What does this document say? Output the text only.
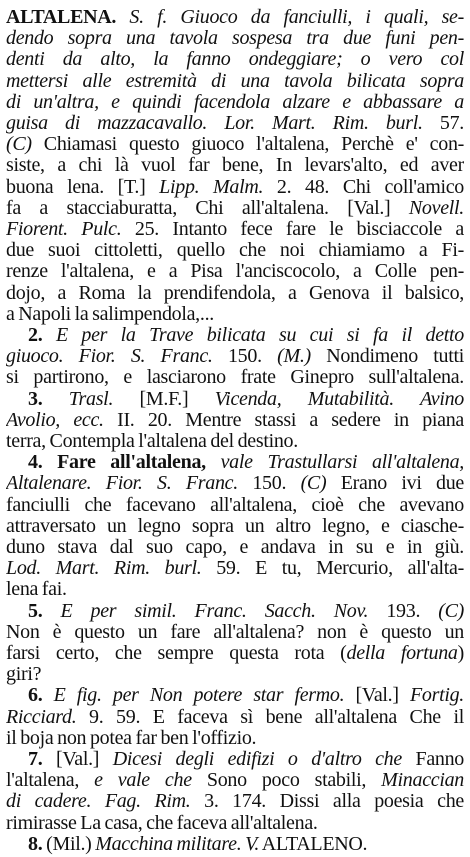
ALTALENA. S. f. Giuoco da fanciulli, i quali, se-
dendo sopra una tavola sospesa tra due funi pen-
denti da alto, la fanno ondeggiare; o vero col
mettersi alle estremità di una tavola bilicata sopra
di un'altra, e quindi facendola alzare e abbassare a
guisa di mazzacavallo. Lor. Mart. Rim. burl. 57.
(C) Chiamasi questo giuoco l'altalena, Perchè e' con-
siste, a chi là vuol far bene, In levars'alto, ed aver
buona lena. [T.] Lipp. Malm. 2. 48. Chi coll'amico
fa a stacciaburatta, Chi all'altalena. [Val.] Novell.
Fiorent. Pulc. 25. Intanto fece fare le bisciaccole a
due suoi cittoletti, quello che noi chiamiamo a Fi-
renze l'altalena, e a Pisa l'anciscocolo, a Colle pen-
dojo, a Roma la prendifendola, a Genova il balsico,
a Napoli la salimpendola,...
2. E per la Trave bilicata su cui si fa il detto
giuoco. Fior. S. Franc. 150. (M.) Nondimeno tutti
si partirono, e lasciarono frate Ginepro sull'altalena.
3. Trasl. [M.F.] Vicenda, Mutabilità. Avino
Avolio, ecc. II. 20. Mentre stassi a sedere in piana
terra, Contempla l'altalena del destino.
4. Fare all'altalena, vale Trastullarsi all'altalena,
Altalenare. Fior. S. Franc. 150. (C) Erano ivi due
fanciulli che facevano all'altalena, cioè che avevano
attraversato un legno sopra un altro legno, e ciasche-
duno stava dal suo capo, e andava in su e in giù.
Lod. Mart. Rim. burl. 59. E tu, Mercurio, all'alta-
lena fai.
5. E per simil. Franc. Sacch. Nov. 193. (C)
Non è questo un fare all'altalena? non è questo un
farsi certo, che sempre questa rota (della fortuna)
giri?
6. E fig. per Non potere star fermo. [Val.] Fortig.
Ricciard. 9. 59. E faceva sì bene all'altalena Che il
il boja non potea far ben l'offizio.
7. [Val.] Dicesi degli edifizi o d'altro che Fanno
l'altalena, e vale che Sono poco stabili, Minaccian
di cadere. Fag. Rim. 3. 174. Dissi alla poesia che
rimirasse La casa, che faceva all'altalena.
8. (Mil.) Macchina militare. V. ALTALENO.
